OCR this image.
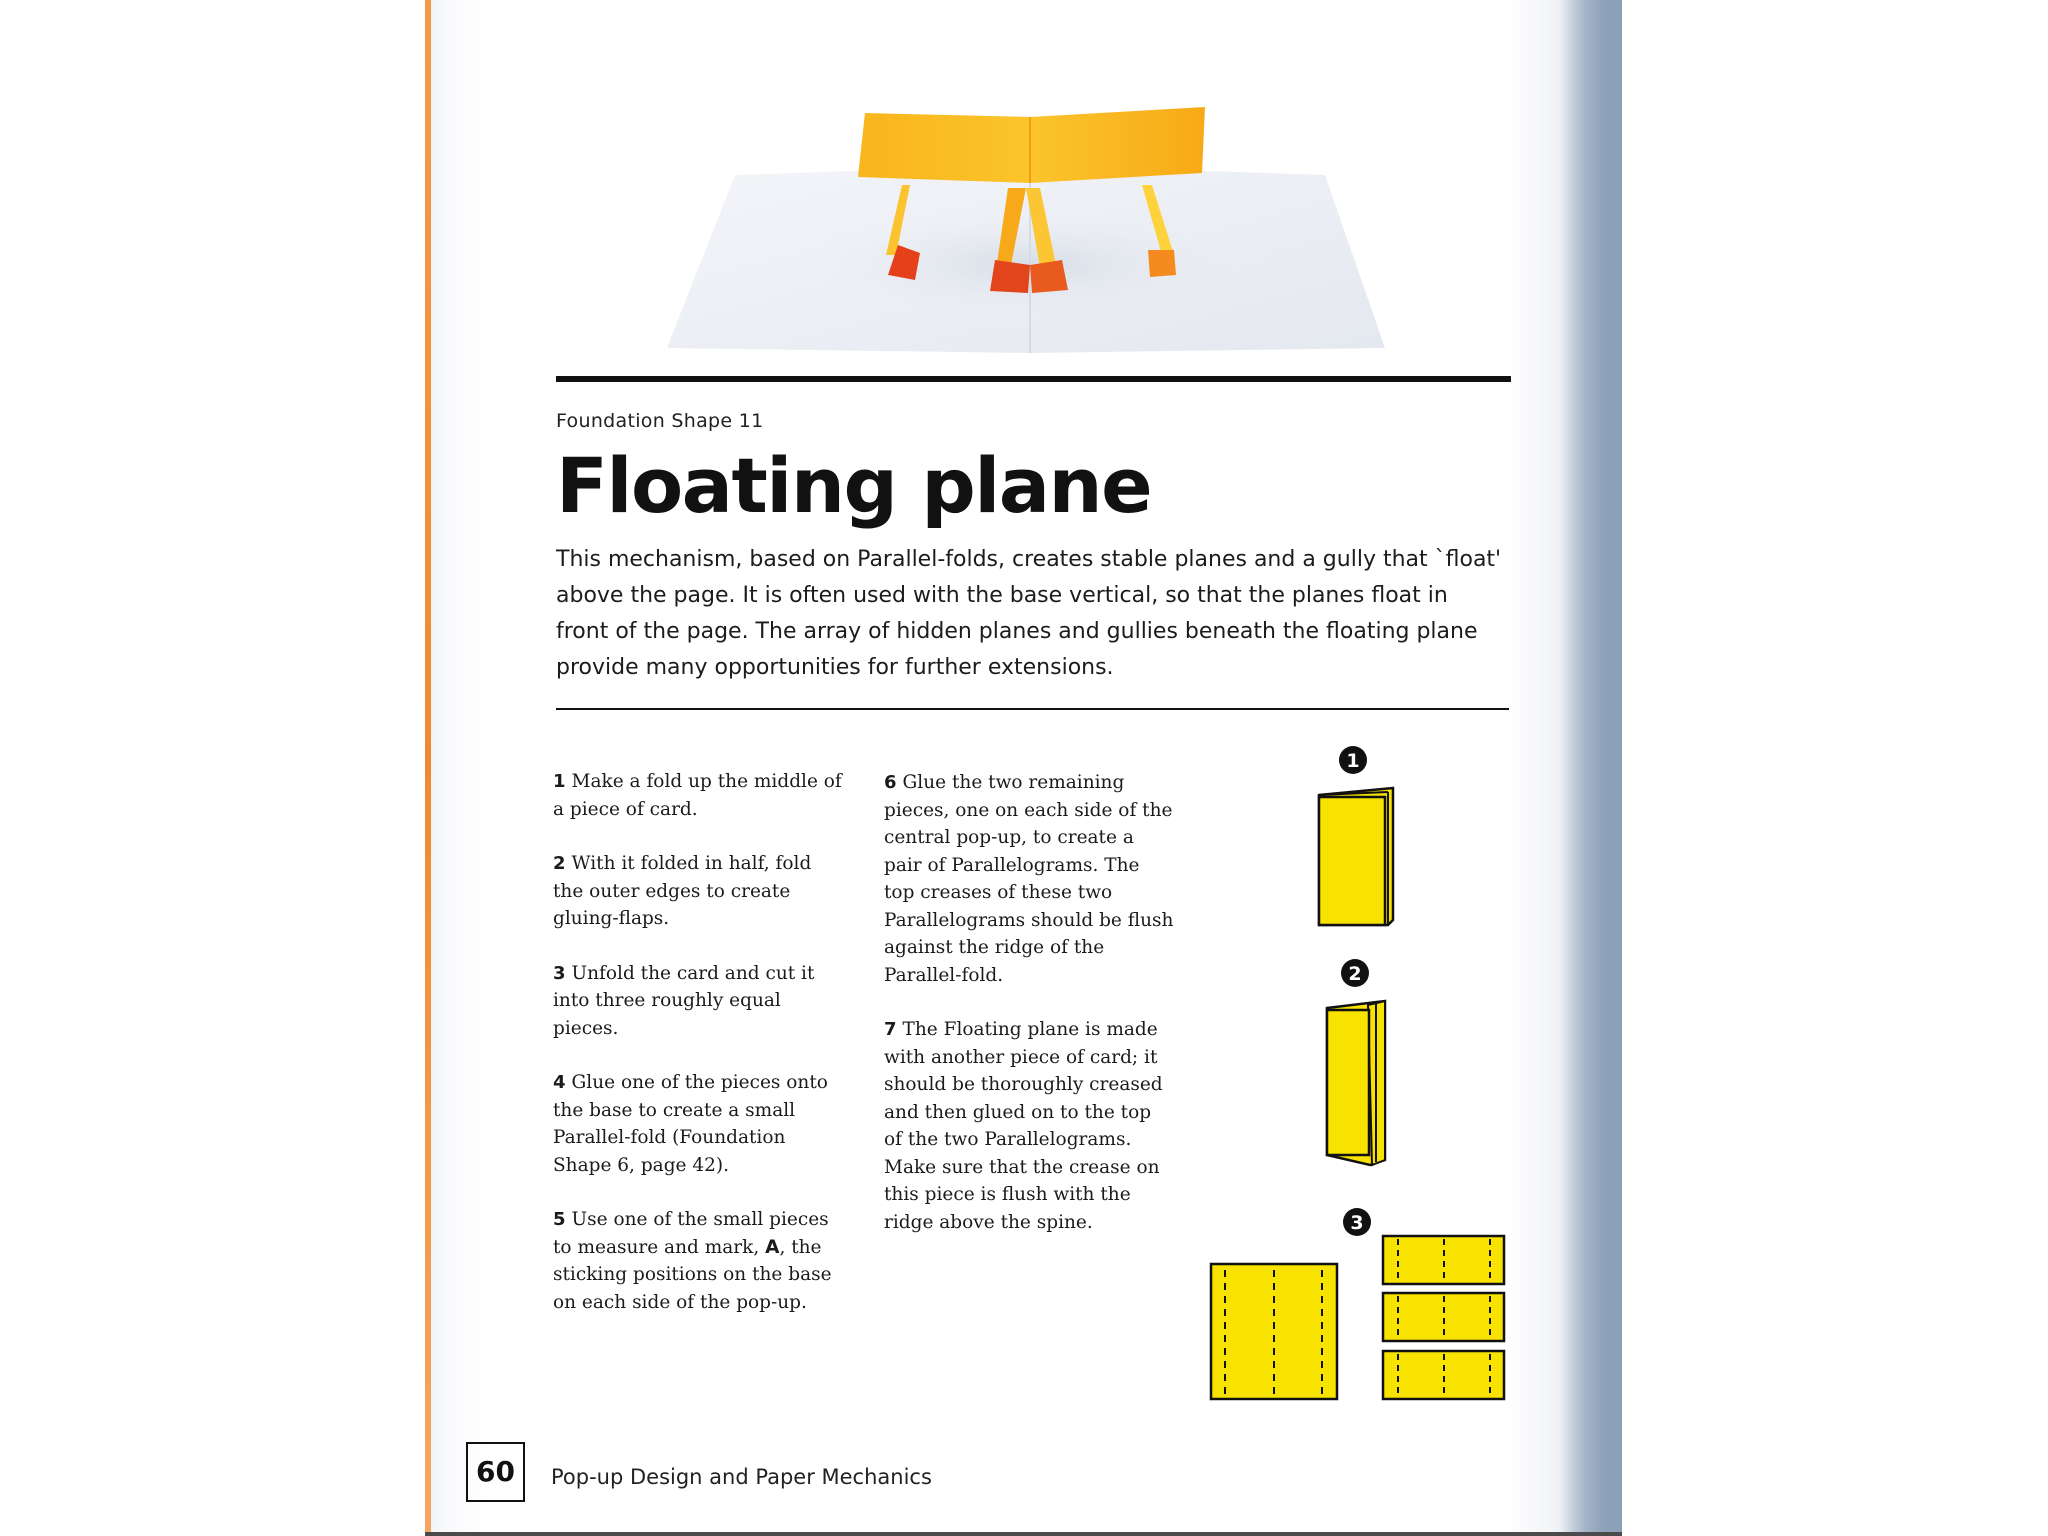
Foundation Shape 11
Floating plane
This mechanism, based on Parallel-folds, creates stable planes and a gully that `float' above the page. It is often used with the base vertical, so that the planes float in front of the page. The array of hidden planes and gullies beneath the floating plane provide many opportunities for further extensions.

1 Make a fold up the middle of a piece of card.

2 With it folded in half, fold the outer edges to create gluing-flaps.

3 Unfold the card and cut it into three roughly equal pieces.

4 Glue one of the pieces onto the base to create a small Parallel-fold (Foundation Shape 6, page 42).

5 Use one of the small pieces to measure and mark, A, the sticking positions on the base on each side of the pop-up.

6 Glue the two remaining pieces, one on each side of the central pop-up, to create a pair of Parallelograms. The top creases of these two Parallelograms should be flush against the ridge of the Parallel-fold.

7 The Floating plane is made with another piece of card; it should be thoroughly creased and then glued on to the top of the two Parallelograms. Make sure that the crease on this piece is flush with the ridge above the spine.

1
2
3
60	Pop-up Design and Paper Mechanics
